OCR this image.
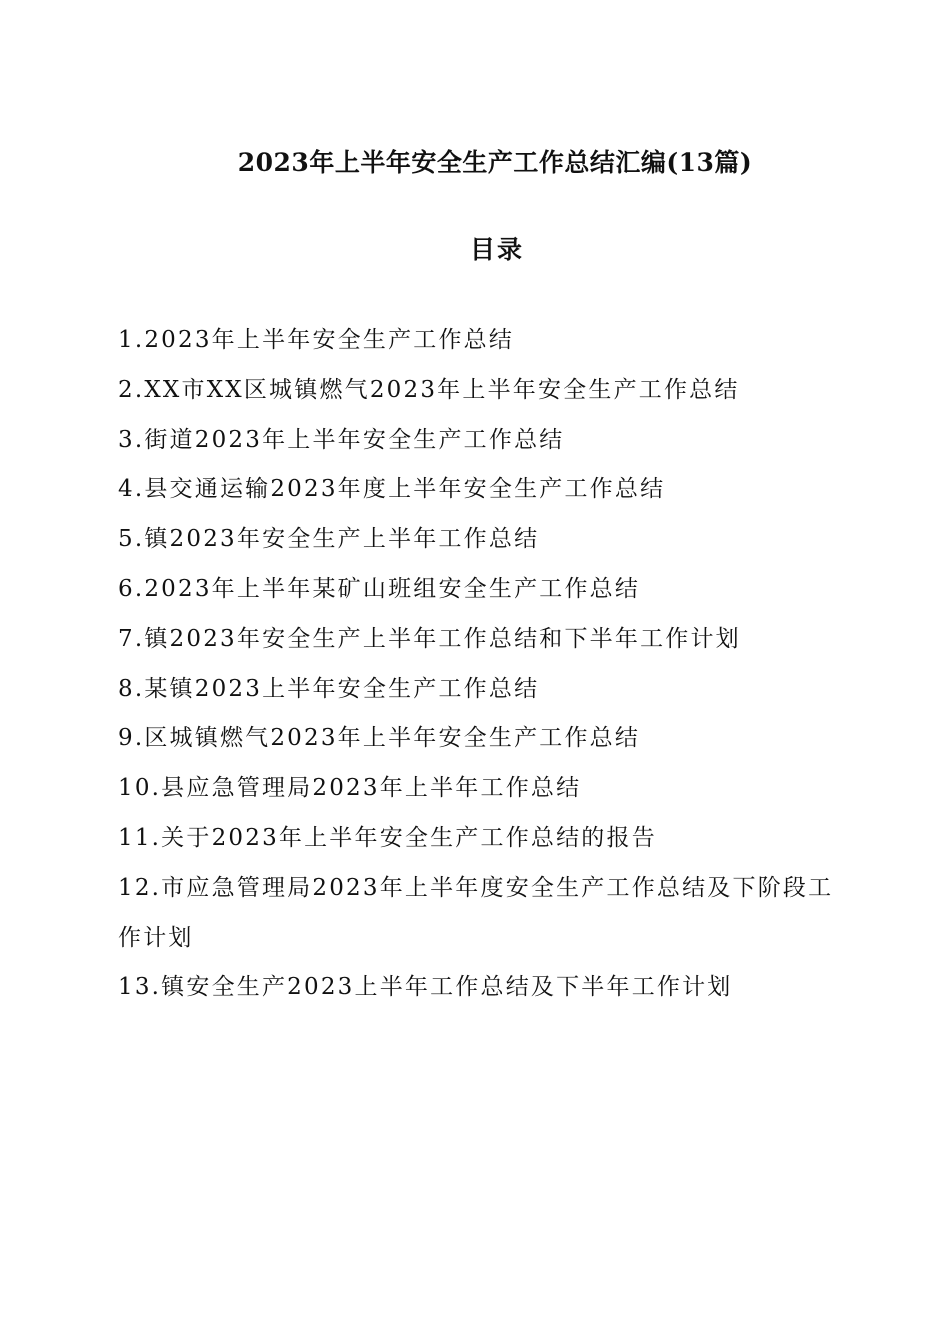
2023年上半年安全生产工作总结汇编(13篇)
目录
1.2023年上半年安全生产工作总结
2.XX市XX区城镇燃气2023年上半年安全生产工作总结
3.街道2023年上半年安全生产工作总结
4.县交通运输2023年度上半年安全生产工作总结
5.镇2023年安全生产上半年工作总结
6.2023年上半年某矿山班组安全生产工作总结
7.镇2023年安全生产上半年工作总结和下半年工作计划
8.某镇2023上半年安全生产工作总结
9.区城镇燃气2023年上半年安全生产工作总结
10.县应急管理局2023年上半年工作总结
11.关于2023年上半年安全生产工作总结的报告
12.市应急管理局2023年上半年度安全生产工作总结及下阶段工作计划
13.镇安全生产2023上半年工作总结及下半年工作计划
